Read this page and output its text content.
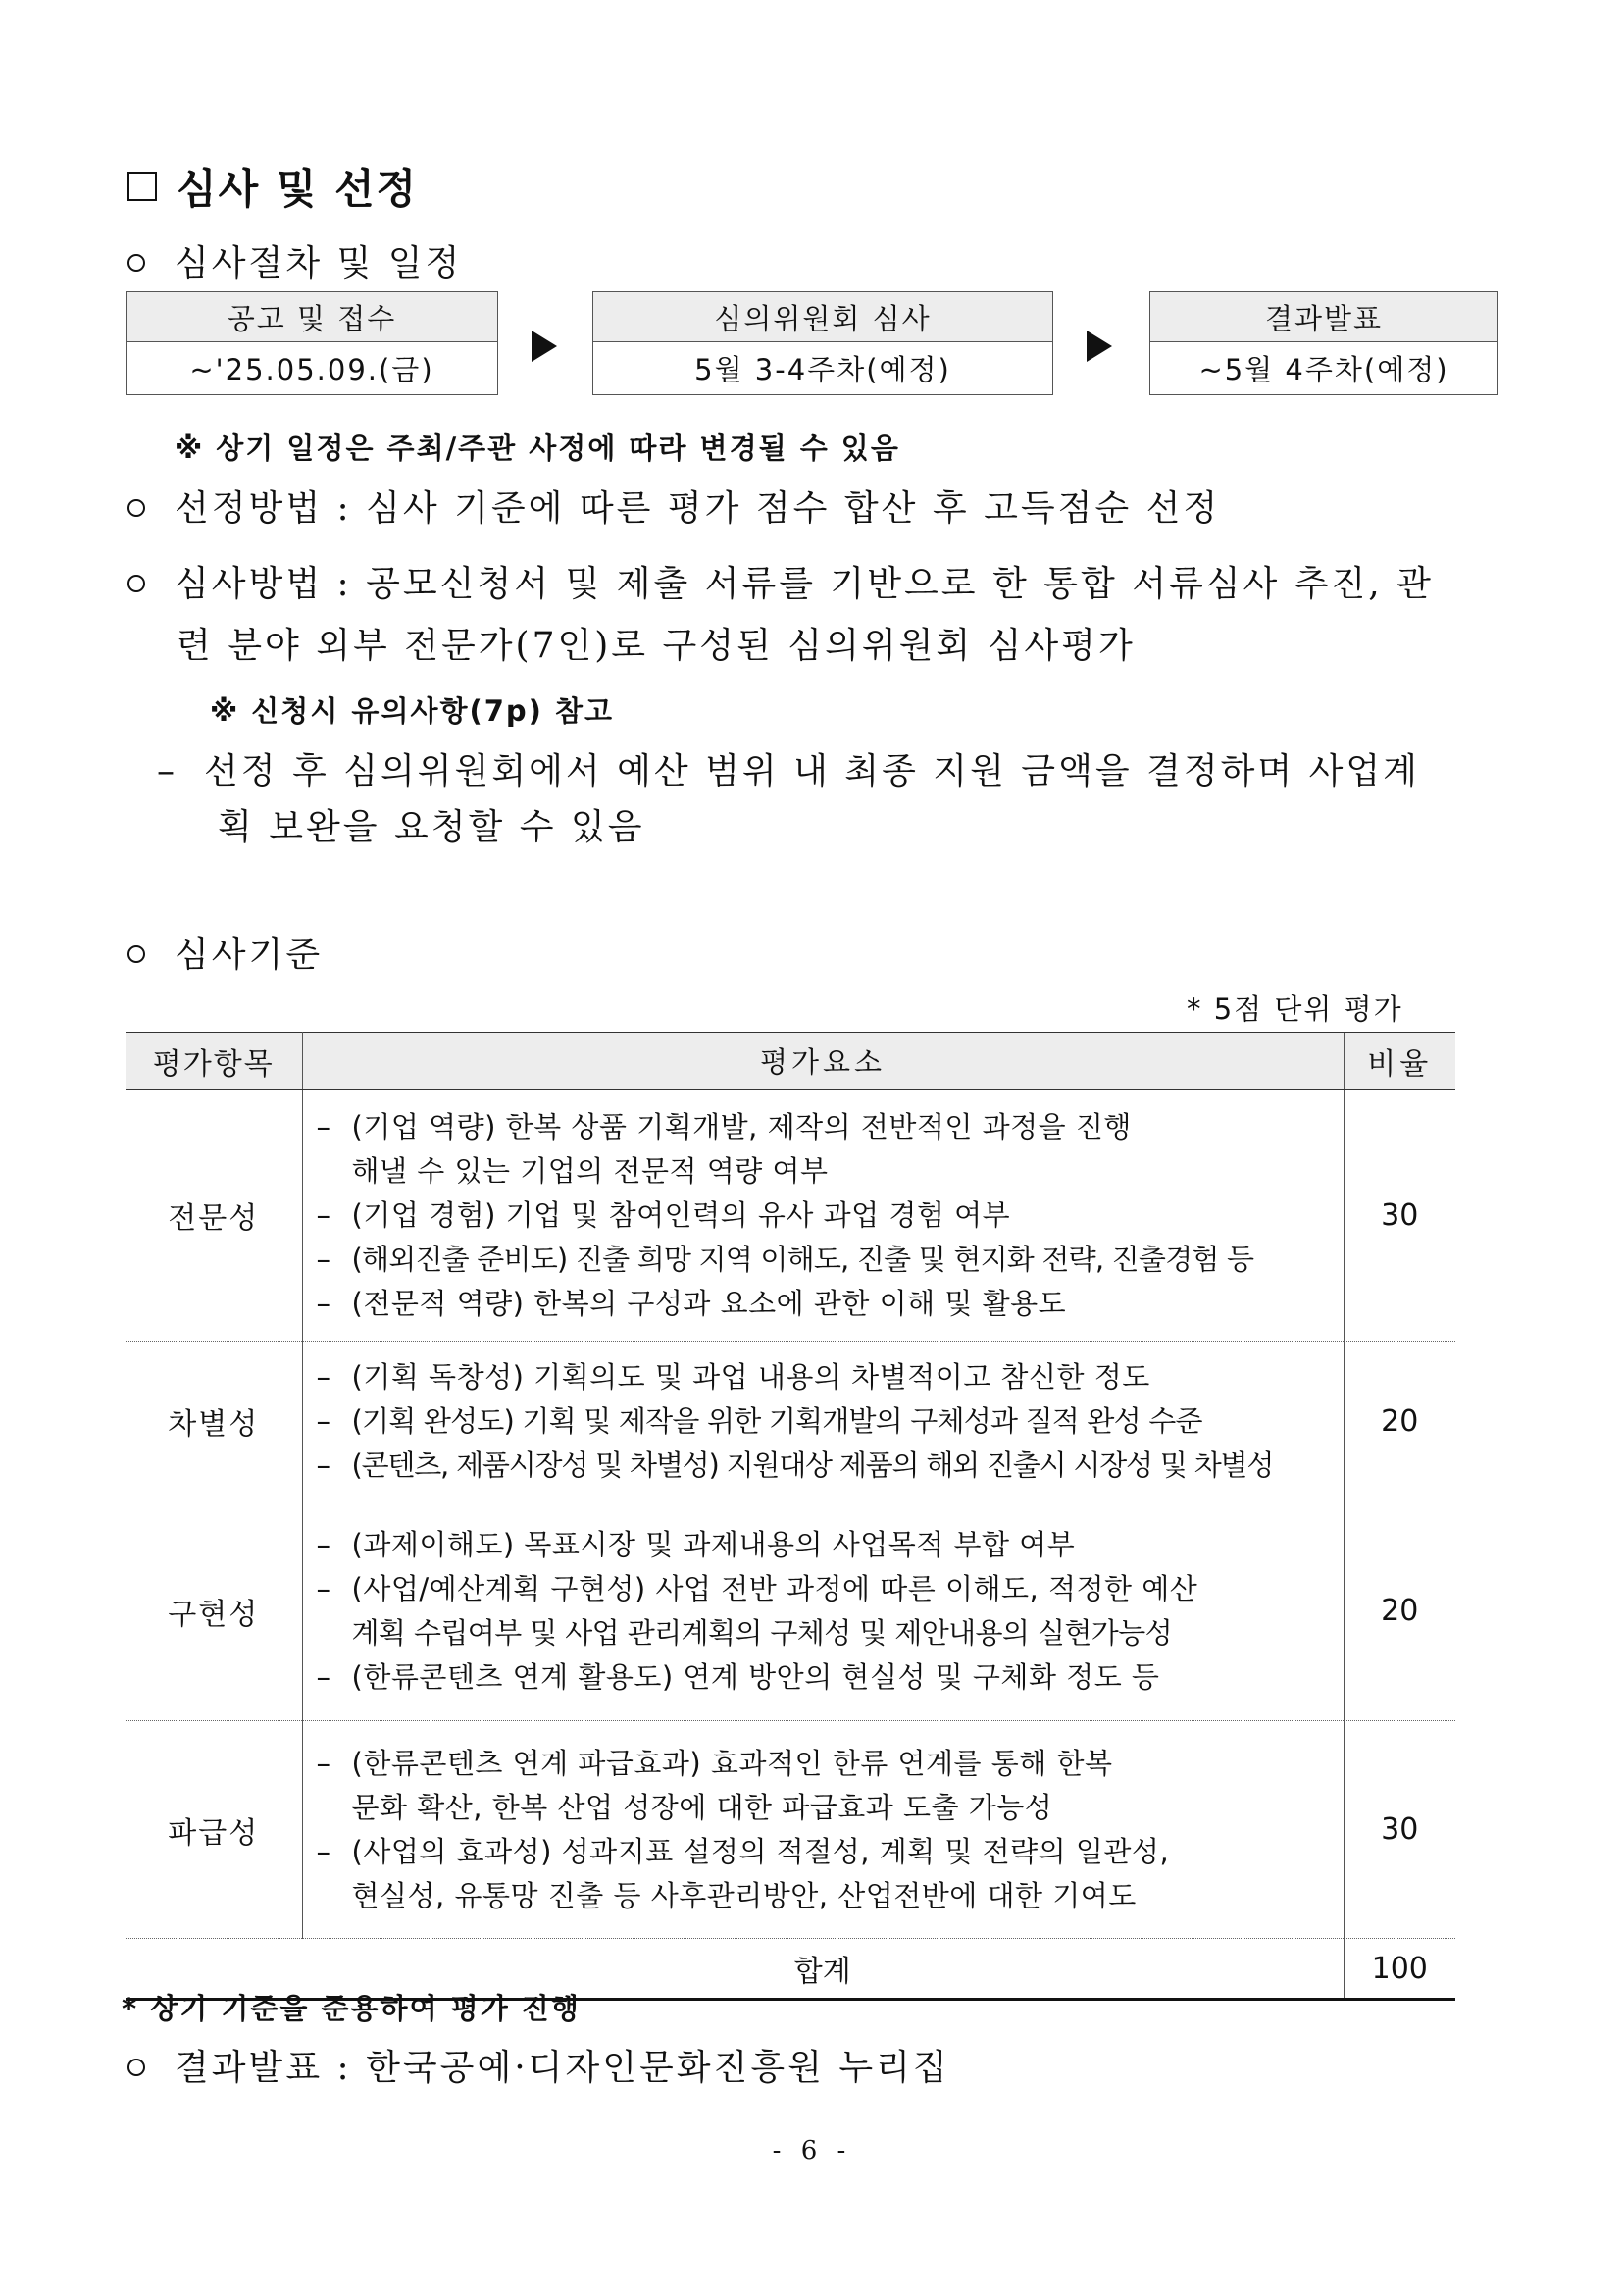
심사 및 선정
심사절차 및 일정
공고 및 접수
~'25.05.09.(금)
심의위원회 심사
5월 3-4주차(예정)
결과발표
~5월 4주차(예정)
※ 상기 일정은 주최/주관 사정에 따라 변경될 수 있음
선정방법 : 심사 기준에 따른 평가 점수 합산 후 고득점순 선정
심사방법 : 공모신청서 및 제출 서류를 기반으로 한 통합 서류심사 추진, 관
련 분야 외부 전문가(7인)로 구성된 심의위원회 심사평가
※ 신청시 유의사항(7p) 참고
– 선정 후 심의위원회에서 예산 범위 내 최종 지원 금액을 결정하며 사업계
획 보완을 요청할 수 있음
심사기준
* 5점 단위 평가
평가항목	평가요소	비율
전문성	– (기업 역량) 한복 상품 기획개발, 제작의 전반적인 과정을 진행
해낼 수 있는 기업의 전문적 역량 여부
– (기업 경험) 기업 및 참여인력의 유사 과업 경험 여부
– (해외진출 준비도) 진출 희망 지역 이해도, 진출 및 현지화 전략, 진출경험 등
– (전문적 역량) 한복의 구성과 요소에 관한 이해 및 활용도	30
차별성	– (기획 독창성) 기획의도 및 과업 내용의 차별적이고 참신한 정도
– (기획 완성도) 기획 및 제작을 위한 기획개발의 구체성과 질적 완성 수준
– (콘텐츠, 제품시장성 및 차별성) 지원대상 제품의 해외 진출시 시장성 및 차별성	20
구현성	– (과제이해도) 목표시장 및 과제내용의 사업목적 부합 여부
– (사업/예산계획 구현성) 사업 전반 과정에 따른 이해도, 적정한 예산
계획 수립여부 및 사업 관리계획의 구체성 및 제안내용의 실현가능성
– (한류콘텐츠 연계 활용도) 연계 방안의 현실성 및 구체화 정도 등	20
파급성	– (한류콘텐츠 연계 파급효과) 효과적인 한류 연계를 통해 한복
문화 확산, 한복 산업 성장에 대한 파급효과 도출 가능성
– (사업의 효과성) 성과지표 설정의 적절성, 계획 및 전략의 일관성,
현실성, 유통망 진출 등 사후관리방안, 산업전반에 대한 기여도	30
	합계	100
* 상기 기준을 준용하여 평가 진행
결과발표 : 한국공예·디자인문화진흥원 누리집
- 6 -
